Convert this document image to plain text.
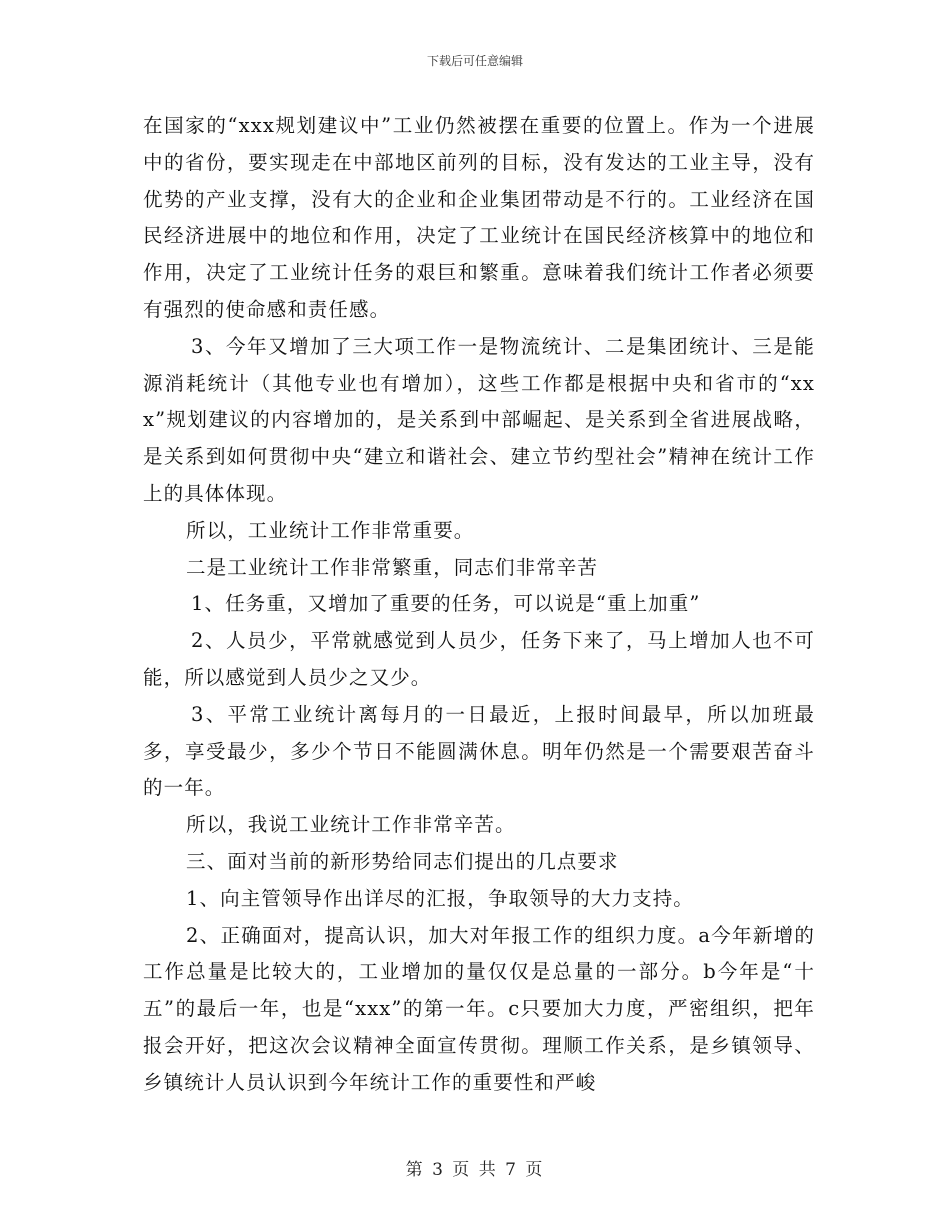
下载后可任意编辑

在国家的“xxx规划建议中”工业仍然被摆在重要的位置上。作为一个进展中的省份，要实现走在中部地区前列的目标，没有发达的工业主导，没有优势的产业支撑，没有大的企业和企业集团带动是不行的。工业经济在国民经济进展中的地位和作用，决定了工业统计在国民经济核算中的地位和作用，决定了工业统计任务的艰巨和繁重。意味着我们统计工作者必须要有强烈的使命感和责任感。

3、今年又增加了三大项工作一是物流统计、二是集团统计、三是能源消耗统计（其他专业也有增加），这些工作都是根据中央和省市的“xxx”规划建议的内容增加的，是关系到中部崛起、是关系到全省进展战略，是关系到如何贯彻中央“建立和谐社会、建立节约型社会”精神在统计工作上的具体体现。

所以，工业统计工作非常重要。

二是工业统计工作非常繁重，同志们非常辛苦

1、任务重，又增加了重要的任务，可以说是“重上加重”

2、人员少，平常就感觉到人员少，任务下来了，马上增加人也不可能，所以感觉到人员少之又少。

3、平常工业统计离每月的一日最近，上报时间最早，所以加班最多，享受最少，多少个节日不能圆满休息。明年仍然是一个需要艰苦奋斗的一年。

所以，我说工业统计工作非常辛苦。

三、面对当前的新形势给同志们提出的几点要求

1、向主管领导作出详尽的汇报，争取领导的大力支持。

2、正确面对，提高认识，加大对年报工作的组织力度。a今年新增的工作总量是比较大的，工业增加的量仅仅是总量的一部分。b今年是“十五”的最后一年，也是“xxx”的第一年。c只要加大力度，严密组织，把年报会开好，把这次会议精神全面宣传贯彻。理顺工作关系，是乡镇领导、乡镇统计人员认识到今年统计工作的重要性和严峻

第 3 页 共 7 页
